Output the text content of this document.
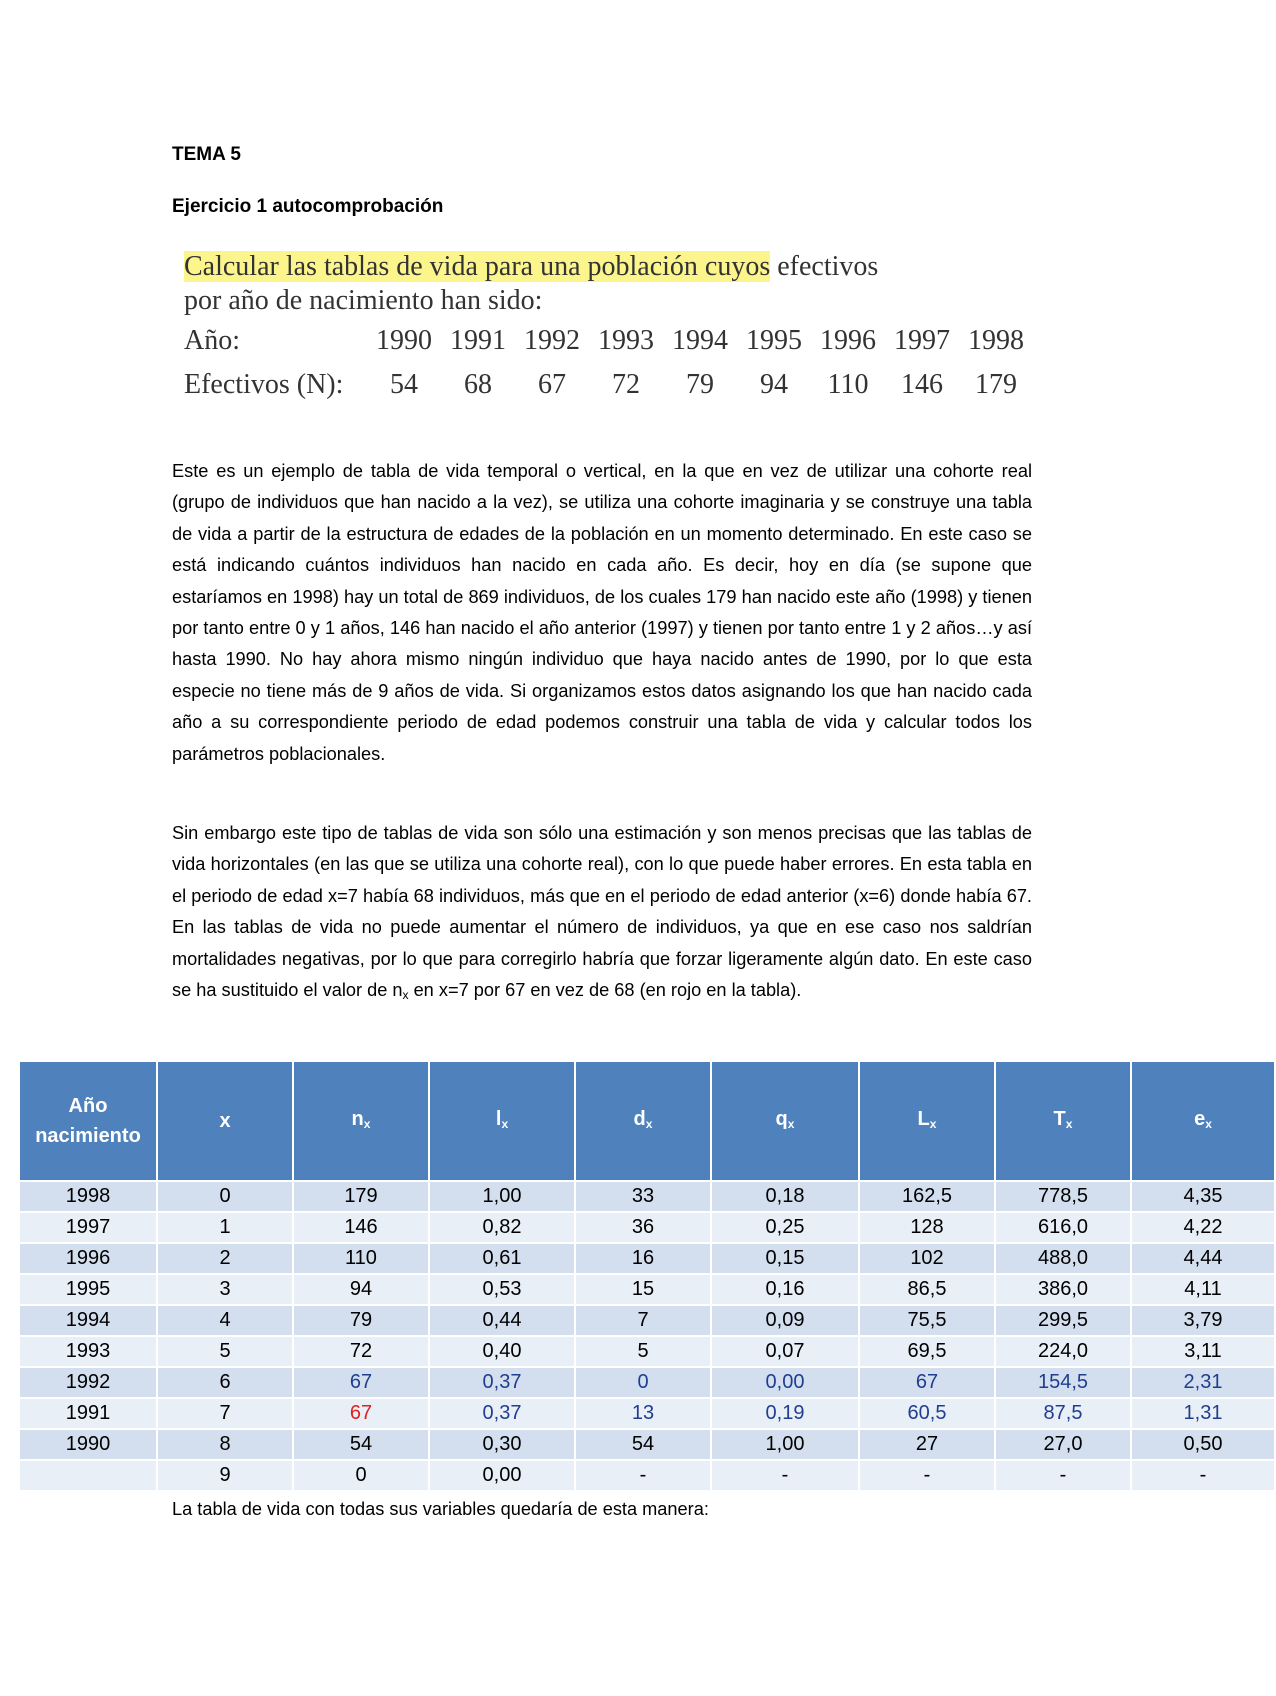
TEMA 5
Ejercicio 1 autocomprobación
Calcular las tablas de vida para una población cuyos efectivos
por año de nacimiento han sido:
Año:	1990 1991 1992 1993 1994 1995 1996 1997 1998
Efectivos (N):	54	68	67	72	79	94	110	146	179

Este es un ejemplo de tabla de vida temporal o vertical, en la que en vez de utilizar una cohorte real (grupo de individuos que han nacido a la vez), se utiliza una cohorte imaginaria y se construye una tabla de vida a partir de la estructura de edades de la población en un momento determinado. En este caso se está indicando cuántos individuos han nacido en cada año. Es decir, hoy en día (se supone que estaríamos en 1998) hay un total de 869 individuos, de los cuales 179 han nacido este año (1998) y tienen por tanto entre 0 y 1 años, 146 han nacido el año anterior (1997) y tienen por tanto entre 1 y 2 años…y así hasta 1990. No hay ahora mismo ningún individuo que haya nacido antes de 1990, por lo que esta especie no tiene más de 9 años de vida. Si organizamos estos datos asignando los que han nacido cada año a su correspondiente periodo de edad podemos construir una tabla de vida y calcular todos los parámetros poblacionales.

Sin embargo este tipo de tablas de vida son sólo una estimación y son menos precisas que las tablas de vida horizontales (en las que se utiliza una cohorte real), con lo que puede haber errores. En esta tabla en el periodo de edad x=7 había 68 individuos, más que en el periodo de edad anterior (x=6) donde había 67. En las tablas de vida no puede aumentar el número de individuos, ya que en ese caso nos saldrían mortalidades negativas, por lo que para corregirlo habría que forzar ligeramente algún dato. En este caso se ha sustituido el valor de $n_x$ en x=7 por 67 en vez de 68 (en rojo en la tabla).

Año nacimiento	x	$n_x$	$l_x$	$d_x$	$q_x$	$L_x$	$T_x$	$e_x$
1998	0	179	1,00	33	0,18	162,5	778,5	4,35
1997	1	146	0,82	36	0,25	128	616,0	4,22
1996	2	110	0,61	16	0,15	102	488,0	4,44
1995	3	94	0,53	15	0,16	86,5	386,0	4,11
1994	4	79	0,44	7	0,09	75,5	299,5	3,79
1993	5	72	0,40	5	0,07	69,5	224,0	3,11
1992	6	67	0,37	0	0,00	67	154,5	2,31
1991	7	67	0,37	13	0,19	60,5	87,5	1,31
1990	8	54	0,30	54	1,00	27	27,0	0,50
	9	0	0,00	-	-	-	-	-
La tabla de vida con todas sus variables quedaría de esta manera:
